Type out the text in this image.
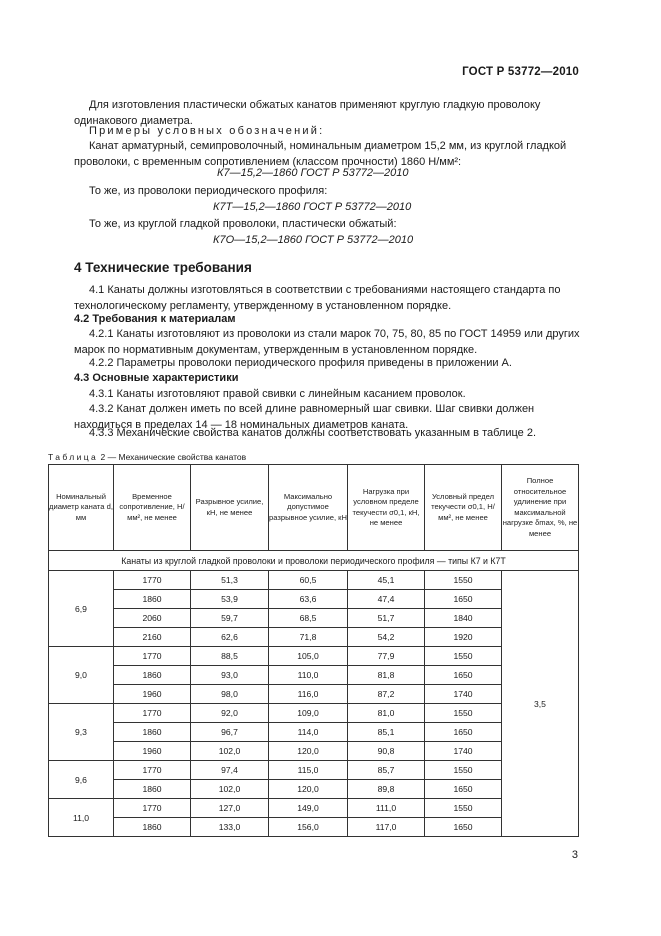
ГОСТ Р 53772—2010
Для изготовления пластически обжатых канатов применяют круглую гладкую проволоку одинакового диаметра.
Примеры условных обозначений:
Канат арматурный, семипроволочный, номинальным диаметром 15,2 мм, из круглой гладкой проволоки, с временным сопротивлением (классом прочности) 1860 Н/мм²:
К7—15,2—1860 ГОСТ Р 53772—2010
То же, из проволоки периодического профиля:
К7Т—15,2—1860 ГОСТ Р 53772—2010
То же, из круглой гладкой проволоки, пластически обжатый:
К7О—15,2—1860 ГОСТ Р 53772—2010
4 Технические требования
4.1 Канаты должны изготовляться в соответствии с требованиями настоящего стандарта по технологическому регламенту, утвержденному в установленном порядке.
4.2 Требования к материалам
4.2.1 Канаты изготовляют из проволоки из стали марок 70, 75, 80, 85 по ГОСТ 14959 или других марок по нормативным документам, утвержденным в установленном порядке.
4.2.2 Параметры проволоки периодического профиля приведены в приложении А.
4.3 Основные характеристики
4.3.1 Канаты изготовляют правой свивки с линейным касанием проволок.
4.3.2 Канат должен иметь по всей длине равномерный шаг свивки. Шаг свивки должен находиться в пределах 14 — 18 номинальных диаметров каната.
4.3.3 Механические свойства канатов должны соответствовать указанным в таблице 2.
Таблица 2 — Механические свойства канатов
Номинальный диаметр каната d, мм	Временное сопротивление, Н/мм², не менее	Разрывное усилие, кН, не менее	Максимально допустимое разрывное усилие, кН	Нагрузка при условном пределе текучести σ0,1, кН, не менее	Условный предел текучести σ0,1, Н/мм², не менее	Полное относительное удлинение при максимальной нагрузке δmax, %, не менее
Канаты из круглой гладкой проволоки и проволоки периодического профиля — типы К7 и К7Т						
6,9	1770	51,3	60,5	45,1	1550	3,5
	1860	53,9	63,6	47,4	1650	
	2060	59,7	68,5	51,7	1840	
	2160	62,6	71,8	54,2	1920	
9,0	1770	88,5	105,0	77,9	1550	
	1860	93,0	110,0	81,8	1650	
	1960	98,0	116,0	87,2	1740	
9,3	1770	92,0	109,0	81,0	1550	
	1860	96,7	114,0	85,1	1650	
	1960	102,0	120,0	90,8	1740	
9,6	1770	97,4	115,0	85,7	1550	
	1860	102,0	120,0	89,8	1650	
11,0	1770	127,0	149,0	111,0	1550	
	1860	133,0	156,0	117,0	1650	
3
